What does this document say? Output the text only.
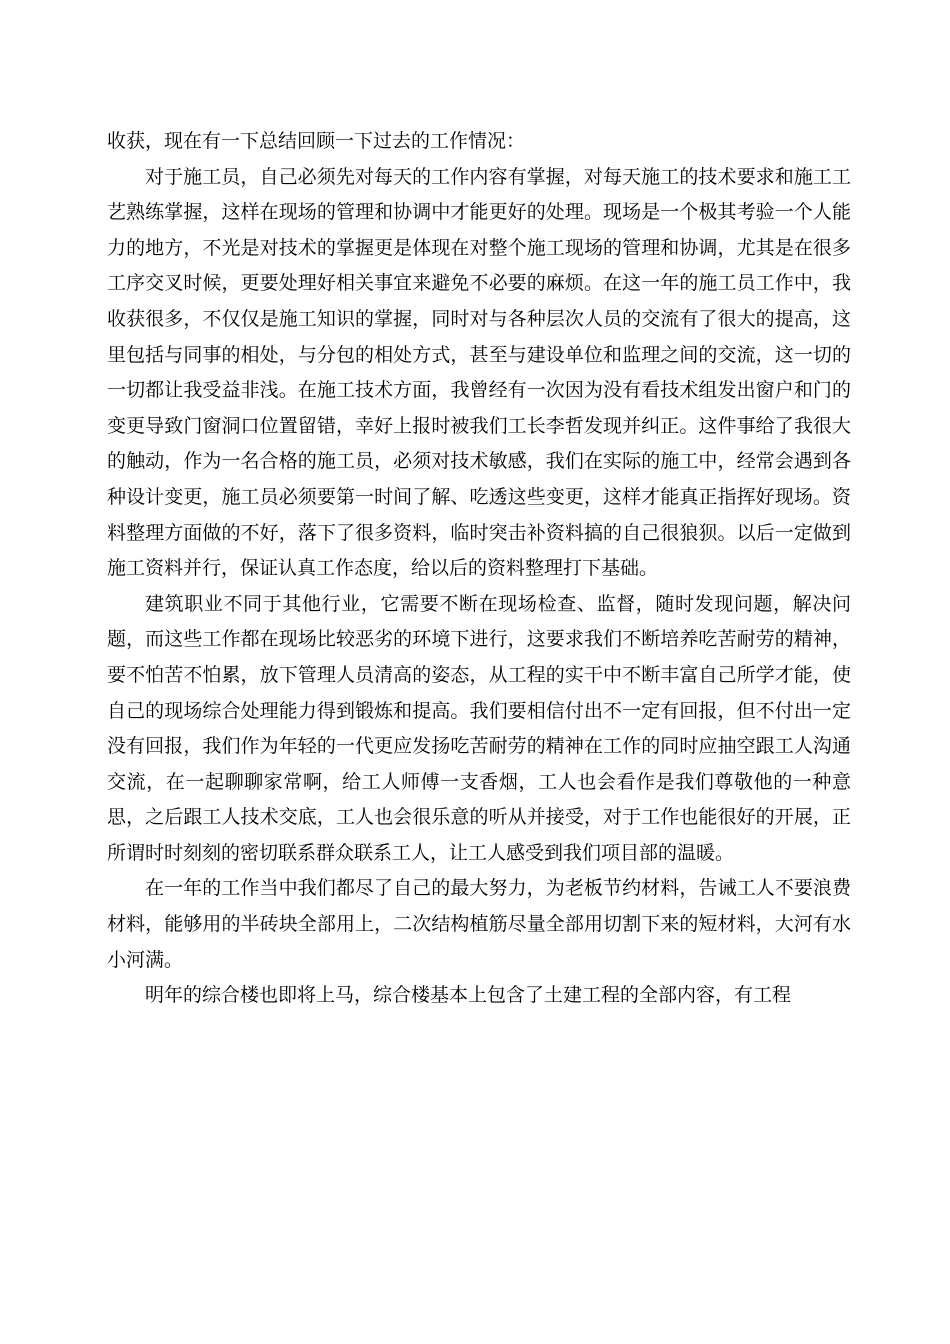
收获，现在有一下总结回顾一下过去的工作情况：

对于施工员，自己必须先对每天的工作内容有掌握，对每天施工的技术要求和施工工艺熟练掌握，这样在现场的管理和协调中才能更好的处理。现场是一个极其考验一个人能力的地方，不光是对技术的掌握更是体现在对整个施工现场的管理和协调，尤其是在很多工序交叉时候，更要处理好相关事宜来避免不必要的麻烦。在这一年的施工员工作中，我收获很多，不仅仅是施工知识的掌握，同时对与各种层次人员的交流有了很大的提高，这里包括与同事的相处，与分包的相处方式，甚至与建设单位和监理之间的交流，这一切的一切都让我受益非浅。在施工技术方面，我曾经有一次因为没有看技术组发出窗户和门的变更导致门窗洞口位置留错，幸好上报时被我们工长李哲发现并纠正。这件事给了我很大的触动，作为一名合格的施工员，必须对技术敏感，我们在实际的施工中，经常会遇到各种设计变更，施工员必须要第一时间了解、吃透这些变更，这样才能真正指挥好现场。资料整理方面做的不好，落下了很多资料，临时突击补资料搞的自己很狼狈。以后一定做到施工资料并行，保证认真工作态度，给以后的资料整理打下基础。

建筑职业不同于其他行业，它需要不断在现场检查、监督，随时发现问题，解决问题，而这些工作都在现场比较恶劣的环境下进行，这要求我们不断培养吃苦耐劳的精神，要不怕苦不怕累，放下管理人员清高的姿态，从工程的实干中不断丰富自己所学才能，使自己的现场综合处理能力得到锻炼和提高。我们要相信付出不一定有回报，但不付出一定没有回报，我们作为年轻的一代更应发扬吃苦耐劳的精神在工作的同时应抽空跟工人沟通交流，在一起聊聊家常啊，给工人师傅一支香烟，工人也会看作是我们尊敬他的一种意思，之后跟工人技术交底，工人也会很乐意的听从并接受，对于工作也能很好的开展，正所谓时时刻刻的密切联系群众联系工人，让工人感受到我们项目部的温暖。

在一年的工作当中我们都尽了自己的最大努力，为老板节约材料，告诫工人不要浪费材料，能够用的半砖块全部用上，二次结构植筋尽量全部用切割下来的短材料，大河有水小河满。

明年的综合楼也即将上马，综合楼基本上包含了土建工程的全部内容，有工程
